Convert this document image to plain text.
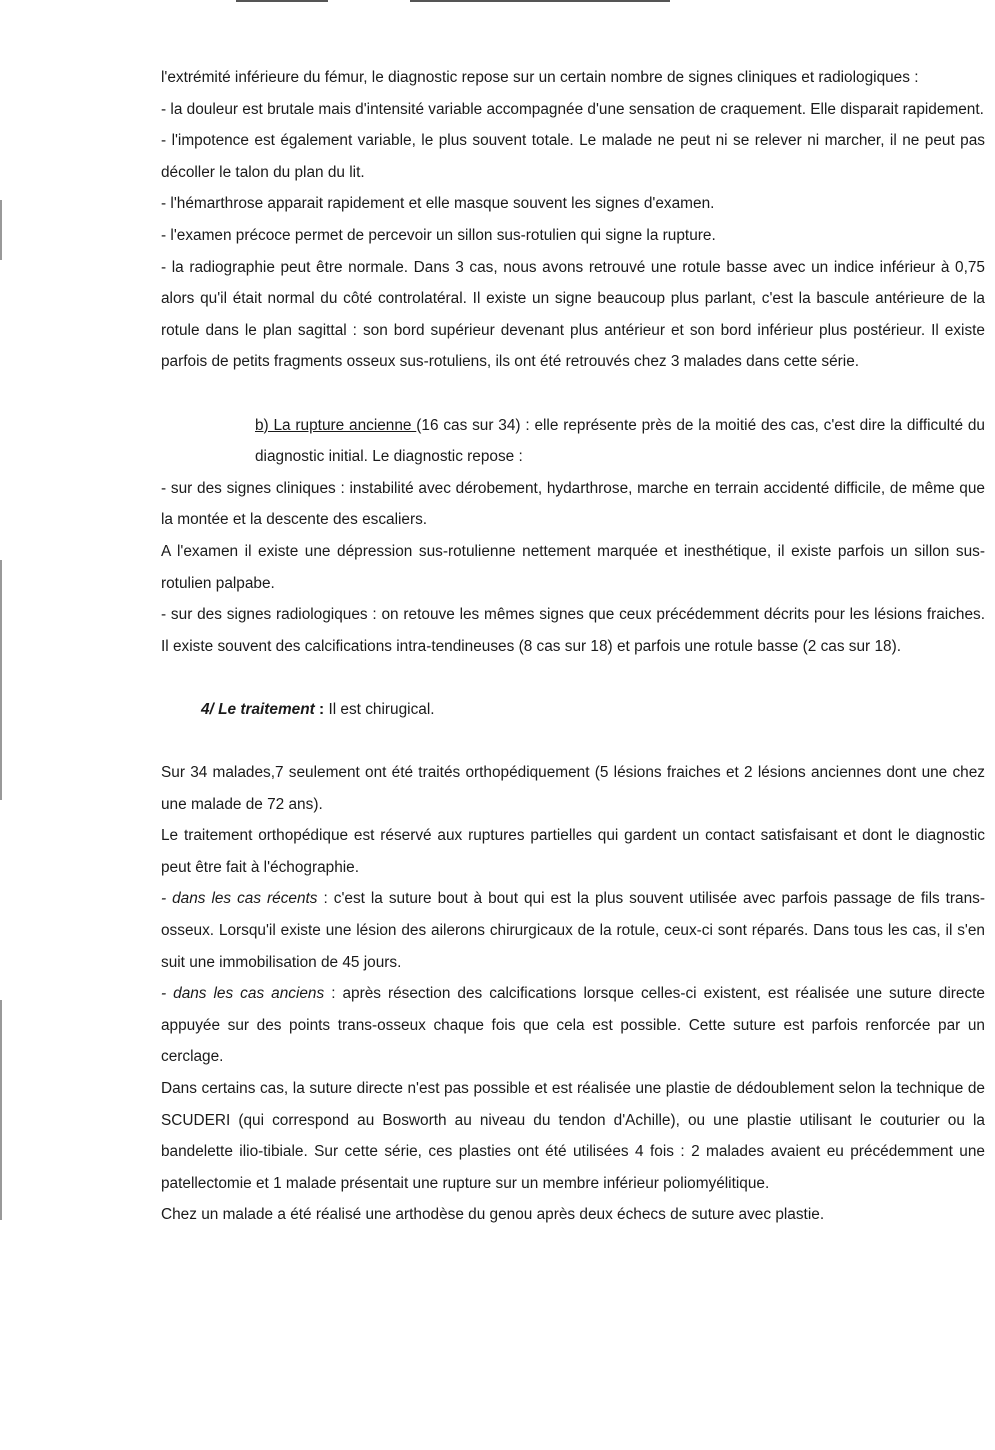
l'extrémité inférieure du fémur, le diagnostic repose sur un certain nombre de signes cliniques et radiologiques :

- la douleur est brutale mais d'intensité variable accompagnée d'une sensation de craquement. Elle disparait rapidement.

- l'impotence est également variable, le plus souvent totale. Le malade ne peut ni se relever ni marcher, il ne peut pas décoller le talon du plan du lit.

- l'hémarthrose apparait rapidement et elle masque souvent les signes d'examen.

- l'examen précoce permet de percevoir un sillon sus-rotulien qui signe la rupture.

- la radiographie peut être normale. Dans 3 cas, nous avons retrouvé une rotule basse avec un indice inférieur à 0,75 alors qu'il était normal du côté controlatéral. Il existe un signe beaucoup plus parlant, c'est la bascule antérieure de la rotule dans le plan sagittal : son bord supérieur devenant plus antérieur et son bord inférieur plus postérieur. Il existe parfois de petits fragments osseux sus-rotuliens, ils ont été retrouvés chez 3 malades dans cette série.

b) La rupture ancienne (16 cas sur 34) : elle représente près de la moitié des cas, c'est dire la difficulté du diagnostic initial. Le diagnostic repose :

- sur des signes cliniques : instabilité avec dérobement, hydarthrose, marche en terrain accidenté difficile, de même que la montée et la descente des escaliers.

A l'examen il existe une dépression sus-rotulienne nettement marquée et inesthétique, il existe parfois un sillon sus-rotulien palpabe.

- sur des signes radiologiques : on retouve les mêmes signes que ceux précédemment décrits pour les lésions fraiches. Il existe souvent des calcifications intra-tendineuses (8 cas sur 18) et parfois une rotule basse (2 cas sur 18).

4/ Le traitement : Il est chirugical.

Sur 34 malades,7 seulement ont été traités orthopédiquement (5 lésions fraiches et 2 lésions anciennes dont une chez une malade de 72 ans).

Le traitement orthopédique est réservé aux ruptures partielles qui gardent un contact satisfaisant et dont le diagnostic peut être fait à l'échographie.

- dans les cas récents : c'est la suture bout à bout qui est la plus souvent utilisée avec parfois passage de fils trans-osseux. Lorsqu'il existe une lésion des ailerons chirurgicaux de la rotule, ceux-ci sont réparés. Dans tous les cas, il s'en suit une immobilisation de 45 jours.

- dans les cas anciens : après résection des calcifications lorsque celles-ci existent, est réalisée une suture directe appuyée sur des points trans-osseux chaque fois que cela est possible. Cette suture est parfois renforcée par un cerclage.

Dans certains cas, la suture directe n'est pas possible et est réalisée une plastie de dédoublement selon la technique de SCUDERI (qui correspond au Bosworth au niveau du tendon d'Achille), ou une plastie utilisant le couturier ou la bandelette ilio-tibiale. Sur cette série, ces plasties ont été utilisées 4 fois : 2 malades avaient eu précédemment une patellectomie et 1 malade présentait une rupture sur un membre inférieur poliomyélitique.

Chez un malade a été réalisé une arthodèse du genou après deux échecs de suture avec plastie.
